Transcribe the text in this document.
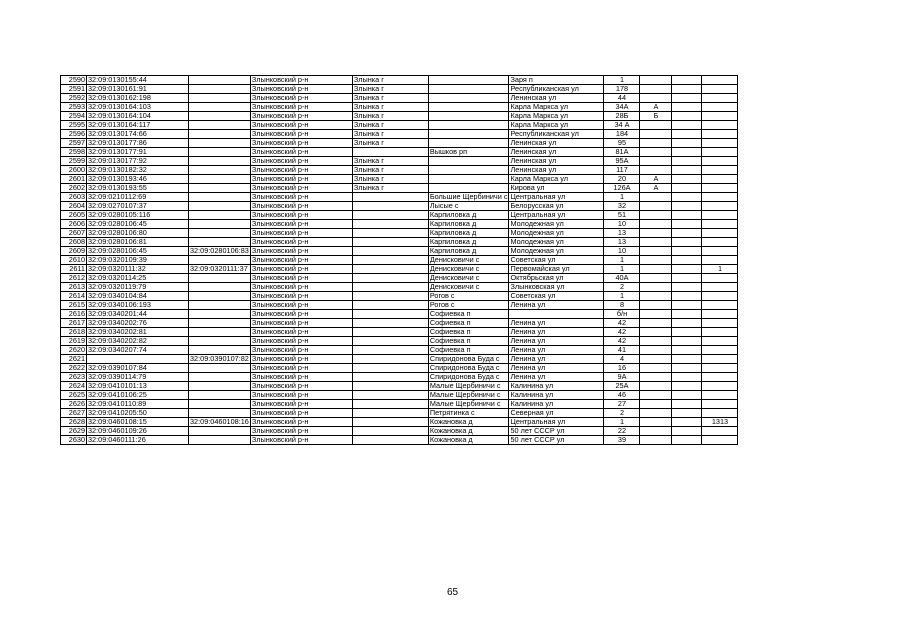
2590	32:09:0130155:44		Злынковский р-н	Злынка г		Заря п	1			
2591	32:09:0130161:91		Злынковский р-н	Злынка г		Республиканская ул	178			
2592	32:09:0130162:198		Злынковский р-н	Злынка г		Ленинская ул	44			
2593	32:09:0130164:103		Злынковский р-н	Злынка г		Карла Маркса ул	34А	А		
2594	32:09:0130164:104		Злынковский р-н	Злынка г		Карла Маркса ул	28Б	Б		
2595	32:09:0130164:117		Злынковский р-н	Злынка г		Карла Маркса ул	34 А			
2596	32:09:0130174:66		Злынковский р-н	Злынка г		Республиканская ул	184			
2597	32:09:0130177:86		Злынковский р-н	Злынка г		Ленинская ул	95			
2598	32:09:0130177:91		Злынковский р-н		Вышков рп	Ленинская ул	81А			
2599	32:09:0130177:92		Злынковский р-н	Злынка г		Ленинская ул	95А			
2600	32:09:0130182:32		Злынковский р-н	Злынка г		Ленинская ул	117			
2601	32:09:0130193:46		Злынковский р-н	Злынка г		Карла Маркса ул	20	А		
2602	32:09:0130193:55		Злынковский р-н	Злынка г		Кирова ул	126А	А		
2603	32:09:0210112:69		Злынковский р-н		Большие Щербиничи с	Центральная ул	1			
2604	32:09:0270107:37		Злынковский р-н		Лысые с	Белорусская ул	32			
2605	32:09:0280105:116		Злынковский р-н		Карпиловка д	Центральная ул	51			
2606	32:09:0280106:45		Злынковский р-н		Карпиловка д	Молодежная ул	10			
2607	32:09:0280106:80		Злынковский р-н		Карпиловка д	Молодежная ул	13			
2608	32:09:0280106:81		Злынковский р-н		Карпиловка д	Молодежная ул	13			
2609	32:09:0280106:45	32:09:0280106:83	Злынковский р-н		Карпиловка д	Молодежная ул	10			
2610	32:09:0320109:39		Злынковский р-н		Денисковичи с	Советская ул	1			
2611	32:09:0320111:32	32:09:0320111:37	Злынковский р-н		Денисковичи с	Первомайская ул	1			1
2612	32:09:0320114:25		Злынковский р-н		Денисковичи с	Октябрьская ул	40А			
2613	32:09:0320119:79		Злынковский р-н		Денисковичи с	Злынковская ул	2			
2614	32:09:0340104:84		Злынковский р-н		Рогов с	Советская ул	1			
2615	32:09:0340106:193		Злынковский р-н		Рогов с	Ленина ул	8			
2616	32:09:0340201:44		Злынковский р-н		Софиевка п		б/н			
2617	32:09:0340202:76		Злынковский р-н		Софиевка п	Ленина ул	42			
2618	32:09:0340202:81		Злынковский р-н		Софиевка п	Ленина ул	42			
2619	32:09:0340202:82		Злынковский р-н		Софиевка п	Ленина ул	42			
2620	32:09:0340207:74		Злынковский р-н		Софиевка п	Ленина ул	41			
2621		32:09:0390107:82	Злынковский р-н		Спиридонова Буда с	Ленина ул	4			
2622	32:09:0390107:84		Злынковский р-н		Спиридонова Буда с	Ленина ул	16			
2623	32:09:0390114:79		Злынковский р-н		Спиридонова Буда с	Ленина ул	9А			
2624	32:09:0410101:13		Злынковский р-н		Малые Щербиничи с	Калинина ул	25А			
2625	32:09:0410106:25		Злынковский р-н		Малые Щербиничи с	Калинина ул	46			
2626	32:09:0410110:89		Злынковский р-н		Малые Щербиничи с	Калинина ул	27			
2627	32:09:0410205:50		Злынковский р-н		Петрятинка с	Северная ул	2			
2628	32:09:0460108:15	32:09:0460108:16	Злынковский р-н		Кожановка д	Центральная ул	1			1313
2629	32:09:0460109:26		Злынковский р-н		Кожановка д	50 лет СССР ул	22			
2630	32:09:0460111:26		Злынковский р-н		Кожановка д	50 лет СССР ул	39			
65
